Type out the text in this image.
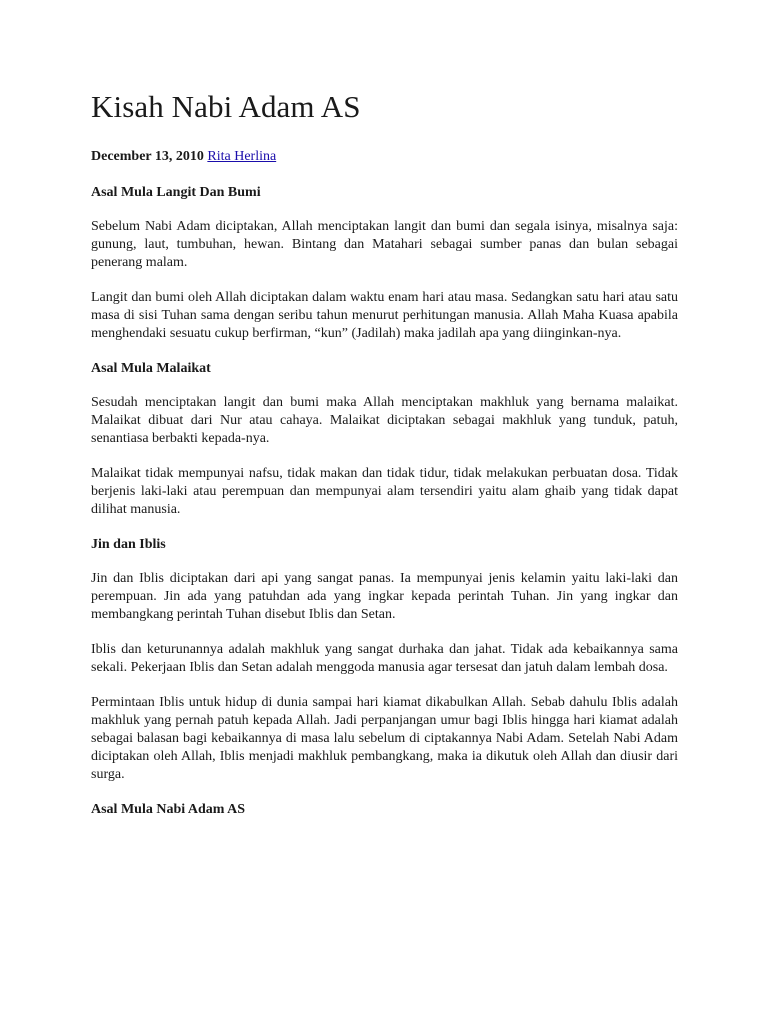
Kisah Nabi Adam AS
December 13, 2010 Rita Herlina
Asal Mula Langit Dan Bumi

Sebelum Nabi Adam diciptakan, Allah menciptakan langit dan bumi dan segala isinya, misalnya saja: gunung, laut, tumbuhan, hewan. Bintang dan Matahari sebagai sumber panas dan bulan sebagai penerang malam.

Langit dan bumi oleh Allah diciptakan dalam waktu enam hari atau masa. Sedangkan satu hari atau satu masa di sisi Tuhan sama dengan seribu tahun menurut perhitungan manusia. Allah Maha Kuasa apabila menghendaki sesuatu cukup berfirman, “kun” (Jadilah) maka jadilah apa yang diinginkan-nya.

Asal Mula Malaikat

Sesudah menciptakan langit dan bumi maka Allah menciptakan makhluk yang bernama malaikat. Malaikat dibuat dari Nur atau cahaya. Malaikat diciptakan sebagai makhluk yang tunduk, patuh, senantiasa berbakti kepada-nya.

Malaikat tidak mempunyai nafsu, tidak makan dan tidak tidur, tidak melakukan perbuatan dosa. Tidak berjenis laki-laki atau perempuan dan mempunyai alam tersendiri yaitu alam ghaib yang tidak dapat dilihat manusia.

Jin dan Iblis

Jin dan Iblis diciptakan dari api yang sangat panas. Ia mempunyai jenis kelamin yaitu laki-laki dan perempuan. Jin ada yang patuhdan ada yang ingkar kepada perintah Tuhan. Jin yang ingkar dan membangkang perintah Tuhan disebut Iblis dan Setan.

Iblis dan keturunannya adalah makhluk yang sangat durhaka dan jahat. Tidak ada kebaikannya sama sekali. Pekerjaan Iblis dan Setan adalah menggoda manusia agar tersesat dan jatuh dalam lembah dosa.

Permintaan Iblis untuk hidup di dunia sampai hari kiamat dikabulkan Allah. Sebab dahulu Iblis adalah makhluk yang pernah patuh kepada Allah. Jadi perpanjangan umur bagi Iblis hingga hari kiamat adalah sebagai balasan bagi kebaikannya di masa lalu sebelum di ciptakannya Nabi Adam. Setelah Nabi Adam diciptakan oleh Allah, Iblis menjadi makhluk pembangkang, maka ia dikutuk oleh Allah dan diusir dari surga.

Asal Mula Nabi Adam AS
